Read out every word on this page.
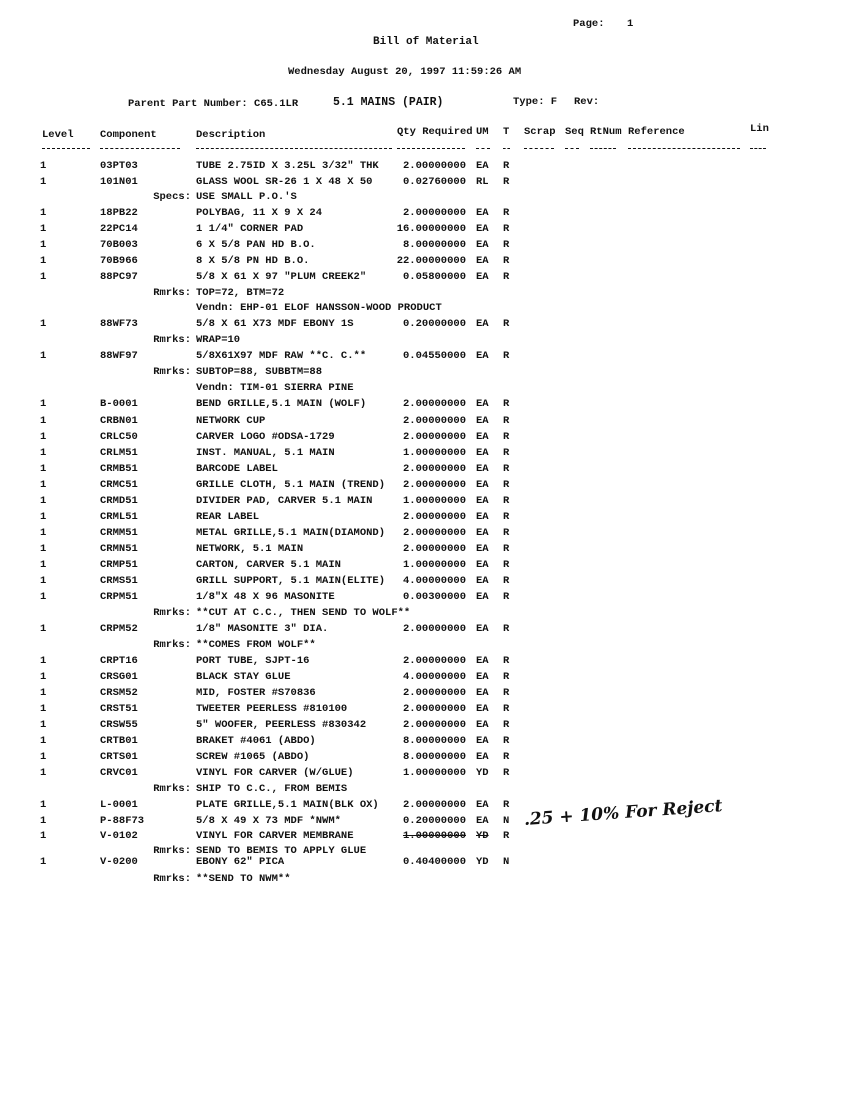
Page: 1
Bill of Material
Wednesday August 20, 1997 11:59:26 AM
Parent Part Number: C65.1LR	5.1 MAINS (PAIR)	Type: F Rev:
Level	Component	Description	Qty Required UM T Scrap Seq RtNum Reference	Lin
1	03PT03	TUBE 2.75ID X 3.25L 3/32" THK 2.00000000 EA R
1	101N01	GLASS WOOL SR-26 1 X 48 X 50	0.02760000 RL R
Specs: USE SMALL P.O.'S
1	18PB22	POLYBAG, 11 X 9 X 24	2.00000000 EA R
1	22PC14	1 1/4" CORNER PAD	16.00000000 EA R
1	70B003	6 X 5/8 PAN HD B.O.	8.00000000 EA R
1	70B966	8 X 5/8 PN HD B.O.	22.00000000 EA R
1	88PC97	5/8 X 61 X 97 "PLUM CREEK2"	0.05800000 EA R
Rmrks: TOP=72, BTM=72
Vendn: EHP-01 ELOF HANSSON-WOOD PRODUCT
1	88WF73	5/8 X 61 X73 MDF EBONY 1S	0.20000000 EA R
Rmrks: WRAP=10
1	88WF97	5/8X61X97 MDF RAW **C. C.**	0.04550000 EA R
Rmrks: SUBTOP=88, SUBBTM=88
Vendn: TIM-01 SIERRA PINE
1	B-0001	BEND GRILLE,5.1 MAIN (WOLF)	2.00000000 EA R
1	CRBN01	NETWORK CUP	2.00000000 EA R
1	CRLC50	CARVER LOGO #ODSA-1729	2.00000000 EA R
1	CRLM51	INST. MANUAL, 5.1 MAIN	1.00000000 EA R
1	CRMB51	BARCODE LABEL	2.00000000 EA R
1	CRMC51	GRILLE CLOTH, 5.1 MAIN (TREND) 2.00000000 EA R
1	CRMD51	DIVIDER PAD, CARVER 5.1 MAIN	1.00000000 EA R
1	CRML51	REAR LABEL	2.00000000 EA R
1	CRMM51	METAL GRILLE,5.1 MAIN(DIAMOND) 2.00000000 EA R
1	CRMN51	NETWORK, 5.1 MAIN	2.00000000 EA R
1	CRMP51	CARTON, CARVER 5.1 MAIN	1.00000000 EA R
1	CRMS51	GRILL SUPPORT, 5.1 MAIN(ELITE) 4.00000000 EA R
1	CRPM51	1/8"X 48 X 96 MASONITE	0.00300000 EA R
Rmrks: **CUT AT C.C., THEN SEND TO WOLF**
1	CRPM52	1/8" MASONITE 3" DIA.	2.00000000 EA R
Rmrks: **COMES FROM WOLF**
1	CRPT16	PORT TUBE, SJPT-16	2.00000000 EA R
1	CRSG01	BLACK STAY GLUE	4.00000000 EA R
1	CRSM52	MID, FOSTER #S70836	2.00000000 EA R
1	CRST51	TWEETER PEERLESS #810100	2.00000000 EA R
1	CRSW55	5" WOOFER, PEERLESS #830342	2.00000000 EA R
1	CRTB01	BRAKET #4061 (ABDO)	8.00000000 EA R
1	CRTS01	SCREW #1065 (ABDO)	8.00000000 EA R
1	CRVC01	VINYL FOR CARVER (W/GLUE)	1.00000000 YD R
Rmrks: SHIP TO C.C., FROM BEMIS
1	L-0001	PLATE GRILLE,5.1 MAIN(BLK OX) 2.00000000 EA R
1	P-88F73	5/8 X 49 X 73 MDF *NWM*	0.20000000 EA N
1	V-0102	VINYL FOR CARVER MEMBRANE	1.00000000 YD R
Rmrks: SEND TO BEMIS TO APPLY GLUE
1	V-0200	EBONY 62" PICA	0.40400000 YD N
Rmrks: **SEND TO NWM**
.25 + 10% For Reject
